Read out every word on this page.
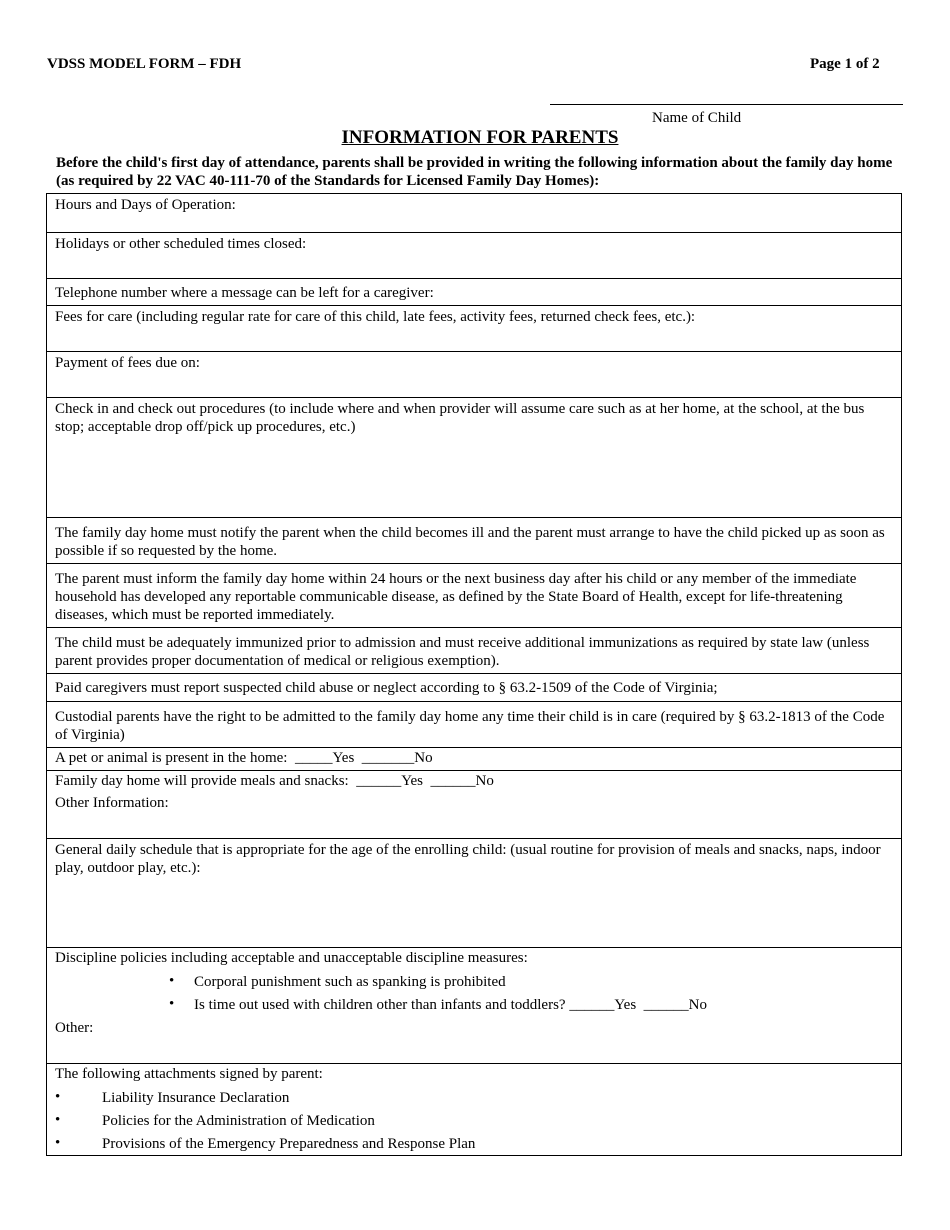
VDSS MODEL FORM – FDH	Page 1 of 2
Name of Child
INFORMATION FOR PARENTS
Before the child's first day of attendance, parents shall be provided in writing the following information about the family day home (as required by 22 VAC 40-111-70 of the Standards for Licensed Family Day Homes):
Hours and Days of Operation:
Holidays or other scheduled times closed:
Telephone number where a message can be left for a caregiver:
Fees for care (including regular rate for care of this child, late fees, activity fees, returned check fees, etc.):
Payment of fees due on:
Check in and check out procedures (to include where and when provider will assume care such as at her home, at the school, at the bus stop; acceptable drop off/pick up procedures, etc.)
The family day home must notify the parent when the child becomes ill and the parent must arrange to have the child picked up as soon as possible if so requested by the home.
The parent must inform the family day home within 24 hours or the next business day after his child or any member of the immediate household has developed any reportable communicable disease, as defined by the State Board of Health, except for life-threatening diseases, which must be reported immediately.
The child must be adequately immunized prior to admission and must receive additional immunizations as required by state law (unless parent provides proper documentation of medical or religious exemption).
Paid caregivers must report suspected child abuse or neglect according to § 63.2-1509 of the Code of Virginia;
Custodial parents have the right to be admitted to the family day home any time their child is in care (required by § 63.2-1813 of the Code of Virginia)
A pet or animal is present in the home:  _____Yes  _______No
Family day home will provide meals and snacks:  ______Yes  ______No
Other Information:
General daily schedule that is appropriate for the age of the enrolling child: (usual routine for provision of meals and snacks, naps, indoor play, outdoor play, etc.):
Discipline policies including acceptable and unacceptable discipline measures:
• Corporal punishment such as spanking is prohibited
• Is time out used with children other than infants and toddlers? ______Yes  ______No
Other:
The following attachments signed by parent:
•	Liability Insurance Declaration
•	Policies for the Administration of Medication
•	Provisions of the Emergency Preparedness and Response Plan
